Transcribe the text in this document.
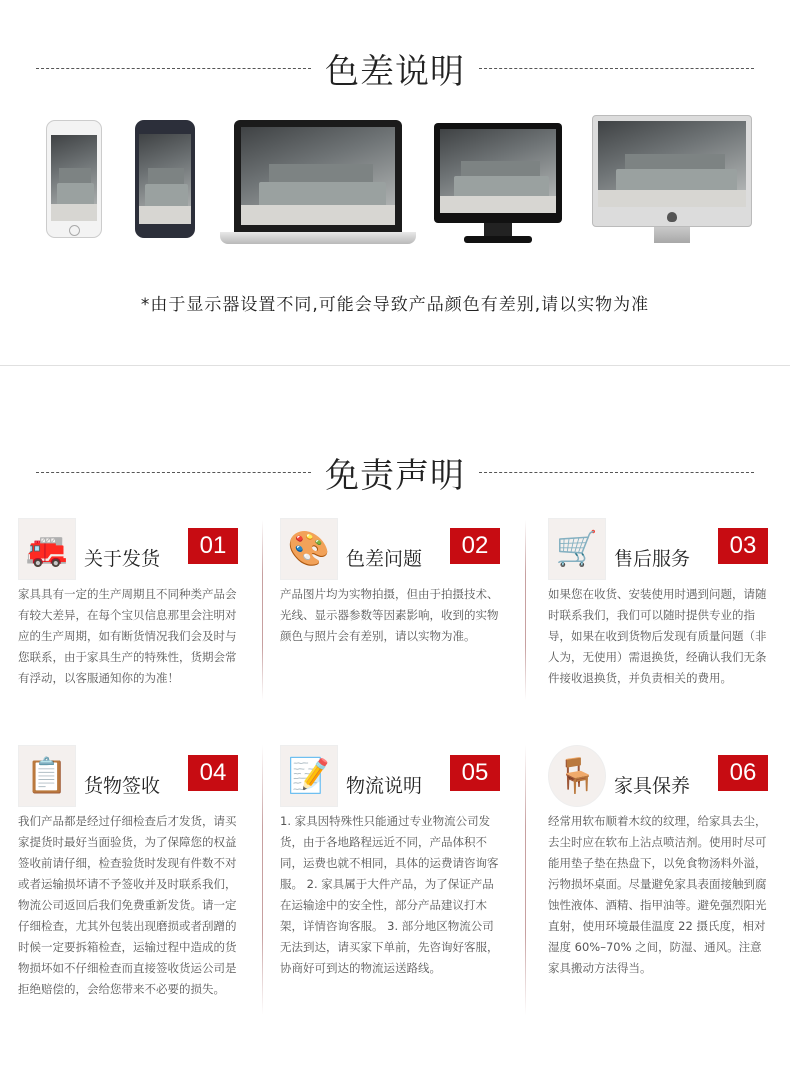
色差说明
*由于显示器设置不同,可能会导致产品颜色有差别,请以实物为准
免责声明
🚒 关于发货	01
家具具有一定的生产周期且不同种类产品会有较大差异，在每个宝贝信息那里会注明对应的生产周期，如有断货情况我们会及时与您联系，由于家具生产的特殊性，货期会常有浮动，以客服通知你的为准！
🎨 色差问题	02
产品图片均为实物拍摄，但由于拍摄技术、光线、显示器参数等因素影响，收到的实物颜色与照片会有差别，请以实物为准。
🛒 售后服务	03
如果您在收货、安装使用时遇到问题，请随时联系我们，我们可以随时提供专业的指导，如果在收到货物后发现有质量问题（非人为，无使用）需退换货，经确认我们无条件接收退换货，并负责相关的费用。
📋 货物签收	04
我们产品都是经过仔细检查后才发货，请买家提货时最好当面验货，为了保障您的权益签收前请仔细，检查验货时发现有件数不对或者运输损坏请不予签收并及时联系我们，物流公司返回后我们免费重新发货。请一定仔细检查，尤其外包装出现磨损或者刮蹭的时候一定要拆箱检查，运输过程中造成的货物损坏如不仔细检查而直接签收货运公司是拒绝赔偿的，会给您带来不必要的损失。
📝 物流说明	05
1. 家具因特殊性只能通过专业物流公司发货，由于各地路程远近不同，产品体积不同，运费也就不相同，具体的运费请咨询客服。 2. 家具属于大件产品，为了保证产品在运输途中的安全性，部分产品建议打木架，详情咨询客服。 3. 部分地区物流公司无法到达，请买家下单前，先咨询好客服，协商好可到达的物流运送路线。
🪑 家具保养	06
经常用软布顺着木纹的纹理，给家具去尘，去尘时应在软布上沾点喷洁剂。使用时尽可能用垫子垫在热盘下，以免食物汤料外溢，污物损坏桌面。尽量避免家具表面接触到腐蚀性液体、酒精、指甲油等。避免强烈阳光直射，使用环境最佳温度 22 摄氏度，相对湿度 60%–70% 之间，防湿、通风。注意家具搬动方法得当。
